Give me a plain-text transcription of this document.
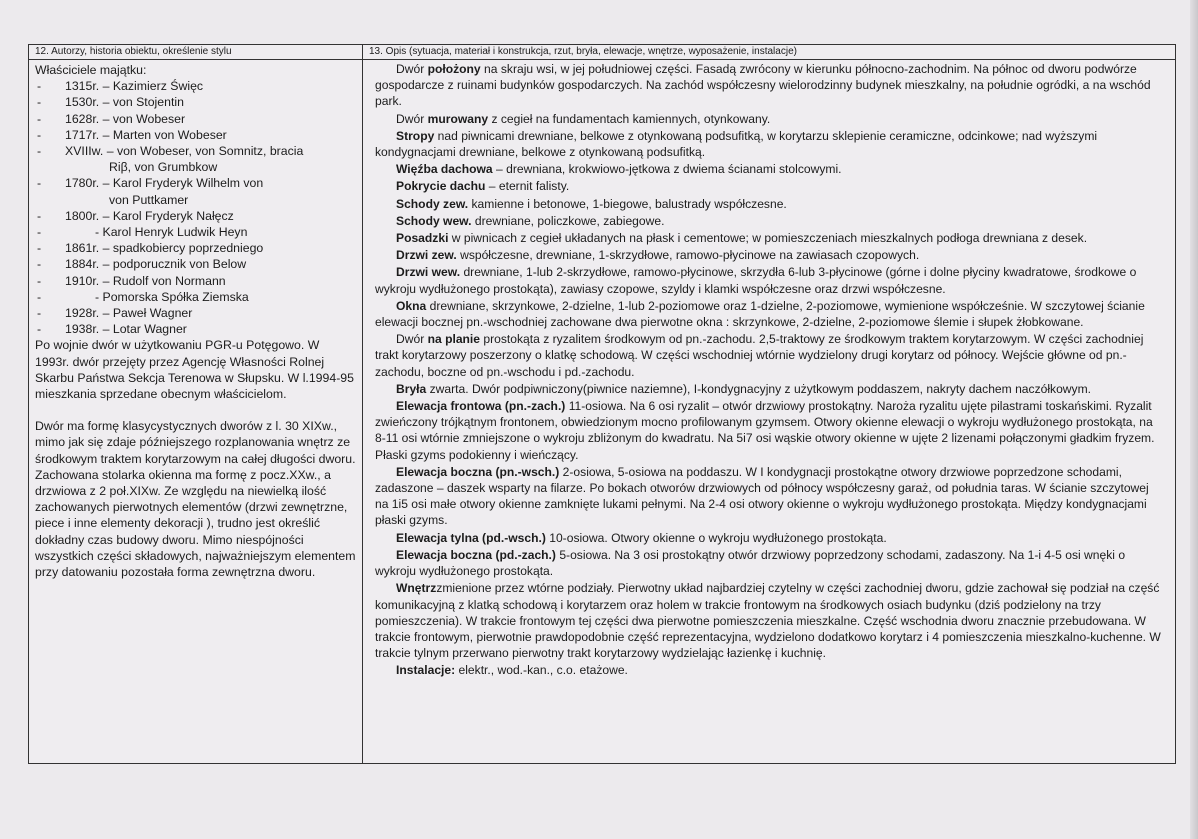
12. Autorzy, historia obiektu, określenie stylu
Właściciele majątku:
-	1315r. – Kazimierz Święc
-	1530r. – von Stojentin
-	1628r. – von Wobeser
-	1717r. – Marten von Wobeser
-	XVIIIw. – von Wobeser, von Somnitz, bracia
Riβ, von Grumbkow
-	1780r. – Karol Fryderyk Wilhelm von
von Puttkamer
-	1800r. – Karol Fryderyk Nałęcz
-	- Karol Henryk Ludwik Heyn
-	1861r. – spadkobiercy poprzedniego
-	1884r. – podporucznik von Below
-	1910r. – Rudolf von Normann
-	- Pomorska Spółka Ziemska
-	1928r. – Paweł Wagner
-	1938r. – Lotar Wagner

Po wojnie dwór w użytkowaniu PGR-u Potęgowo. W 1993r. dwór przejęty przez Agencję Własności Rolnej Skarbu Państwa Sekcja Terenowa w Słupsku. W l.1994-95 mieszkania sprzedane obecnym właścicielom.

Dwór ma formę klasycystycznych dworów z l. 30 XIXw., mimo jak się zdaje późniejszego rozplanowania wnętrz ze środkowym traktem korytarzowym na całej długości dworu. Zachowana stolarka okienna ma formę z pocz.XXw., a drzwiowa z 2 poł.XIXw. Ze względu na niewielką ilość zachowanych pierwotnych elementów (drzwi zewnętrzne, piece i inne elementy dekoracji ), trudno jest określić dokładny czas budowy dworu. Mimo niespójności wszystkich części składowych, najważniejszym elementem przy datowaniu pozostała forma zewnętrzna dworu.

13. Opis (sytuacja, materiał i konstrukcja, rzut, bryła, elewacje, wnętrze, wyposażenie, instalacje)

Dwór położony na skraju wsi, w jej południowej części. Fasadą zwrócony w kierunku północno-zachodnim. Na północ od dworu podwórze gospodarcze z ruinami budynków gospodarczych. Na zachód współczesny wielorodzinny budynek mieszkalny, na południe ogródki, a na wschód park.

Dwór murowany z cegieł na fundamentach kamiennych, otynkowany.

Stropy nad piwnicami drewniane, belkowe z otynkowaną podsufitką, w korytarzu sklepienie ceramiczne, odcinkowe; nad wyższymi kondygnacjami drewniane, belkowe z otynkowaną podsufitką.

Więźba dachowa – drewniana, krokwiowo-jętkowa z dwiema ścianami stolcowymi.

Pokrycie dachu – eternit falisty.

Schody zew. kamienne i betonowe, 1-biegowe, balustrady współczesne.

Schody wew. drewniane, policzkowe, zabiegowe.

Posadzki w piwnicach z cegieł układanych na płask i cementowe; w pomieszczeniach mieszkalnych podłoga drewniana z desek.

Drzwi zew. współczesne, drewniane, 1-skrzydłowe, ramowo-płycinowe na zawiasach czopowych.

Drzwi wew. drewniane, 1-lub 2-skrzydłowe, ramowo-płycinowe, skrzydła 6-lub 3-płycinowe (górne i dolne płyciny kwadratowe, środkowe o wykroju wydłużonego prostokąta), zawiasy czopowe, szyldy i klamki współczesne oraz drzwi współczesne.

Okna drewniane, skrzynkowe, 2-dzielne, 1-lub 2-poziomowe oraz 1-dzielne, 2-poziomowe, wymienione współcześnie. W szczytowej ścianie elewacji bocznej pn.-wschodniej zachowane dwa pierwotne okna : skrzynkowe, 2-dzielne, 2-poziomowe ślemie i słupek żłobkowane.

Dwór na planie prostokąta z ryzalitem środkowym od pn.-zachodu. 2,5-traktowy ze środkowym traktem korytarzowym. W części zachodniej trakt korytarzowy poszerzony o klatkę schodową. W części wschodniej wtórnie wydzielony drugi korytarz od północy. Wejście główne od pn.-zachodu, boczne od pn.-wschodu i pd.-zachodu.

Bryła zwarta. Dwór podpiwniczony(piwnice naziemne), I-kondygnacyjny z użytkowym poddaszem, nakryty dachem naczółkowym.

Elewacja frontowa (pn.-zach.) 11-osiowa. Na 6 osi ryzalit – otwór drzwiowy prostokątny. Naroża ryzalitu ujęte pilastrami toskańskimi. Ryzalit zwieńczony trójkątnym frontonem, obwiedzionym mocno profilowanym gzymsem. Otwory okienne elewacji o wykroju wydłużonego prostokąta, na 8-11 osi wtórnie zmniejszone o wykroju zbliżonym do kwadratu. Na 5i7 osi wąskie otwory okienne w ujęte 2 lizenami połączonymi gładkim fryzem. Płaski gzyms podokienny i wieńczący.

Elewacja boczna (pn.-wsch.) 2-osiowa, 5-osiowa na poddaszu. W I kondygnacji prostokątne otwory drzwiowe poprzedzone schodami, zadaszone – daszek wsparty na filarze. Po bokach otworów drzwiowych od północy współczesny garaż, od południa taras. W ścianie szczytowej na 1i5 osi małe otwory okienne zamknięte lukami pełnymi. Na 2-4 osi otwory okienne o wykroju wydłużonego prostokąta. Między kondygnacjami płaski gzyms.

Elewacja tylna (pd.-wsch.) 10-osiowa. Otwory okienne o wykroju wydłużonego prostokąta.

Elewacja boczna (pd.-zach.) 5-osiowa. Na 3 osi prostokątny otwór drzwiowy poprzedzony schodami, zadaszony. Na 1-i 4-5 osi wnęki o wykroju wydłużonego prostokąta.

Wnętrzzmienione przez wtórne podziały. Pierwotny układ najbardziej czytelny w części zachodniej dworu, gdzie zachował się podział na część komunikacyjną z klatką schodową i korytarzem oraz holem w trakcie frontowym na środkowych osiach budynku (dziś podzielony na trzy pomieszczenia). W trakcie frontowym tej części dwa pierwotne pomieszczenia mieszkalne. Część wschodnia dworu znacznie przebudowana. W trakcie frontowym, pierwotnie prawdopodobnie część reprezentacyjna, wydzielono dodatkowo korytarz i 4 pomieszczenia mieszkalno-kuchenne. W trakcie tylnym przerwano pierwotny trakt korytarzowy wydzielając łazienkę i kuchnię.

Instalacje: elektr., wod.-kan., c.o. etażowe.
